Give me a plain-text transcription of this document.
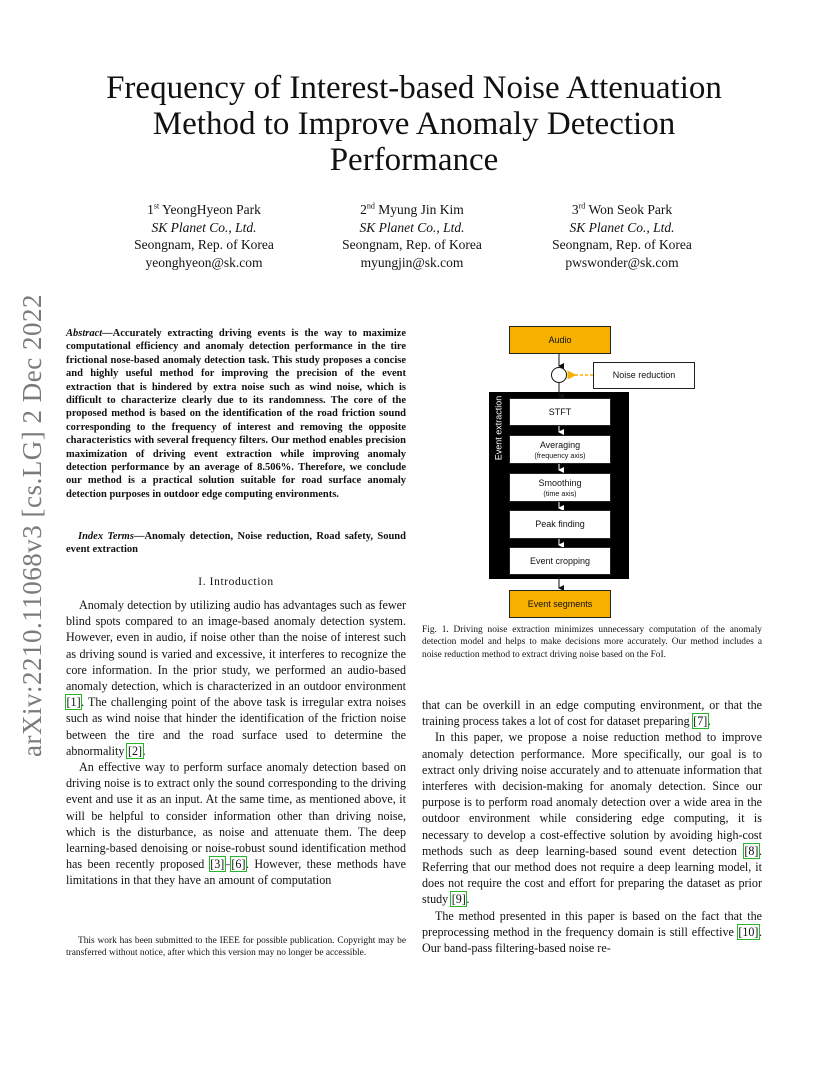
arXiv:2210.11068v3 [cs.LG] 2 Dec 2022
Frequency of Interest-based Noise Attenuation Method to Improve Anomaly Detection Performance
1st YeongHyeon Park
SK Planet Co., Ltd.
Seongnam, Rep. of Korea
yeonghyeon@sk.com
2nd Myung Jin Kim
SK Planet Co., Ltd.
Seongnam, Rep. of Korea
myungjin@sk.com
3rd Won Seok Park
SK Planet Co., Ltd.
Seongnam, Rep. of Korea
pwswonder@sk.com
Abstract—Accurately extracting driving events is the way to maximize computational efficiency and anomaly detection performance in the tire frictional nose-based anomaly detection task. This study proposes a concise and highly useful method for improving the precision of the event extraction that is hindered by extra noise such as wind noise, which is difficult to characterize clearly due to its randomness. The core of the proposed method is based on the identification of the road friction sound corresponding to the frequency of interest and removing the opposite characteristics with several frequency filters. Our method enables precision maximization of driving event extraction while improving anomaly detection performance by an average of 8.506%. Therefore, we conclude our method is a practical solution suitable for road surface anomaly detection purposes in outdoor edge computing environments.
Index Terms—Anomaly detection, Noise reduction, Road safety, Sound event extraction
I. Introduction

Anomaly detection by utilizing audio has advantages such as fewer blind spots compared to an image-based anomaly detection system. However, even in audio, if noise other than the noise of interest such as driving sound is varied and excessive, it interferes to recognize the core information. In the prior study, we performed an audio-based anomaly detection, which is characterized in an outdoor environment [1]. The challenging point of the above task is irregular extra noises such as wind noise that hinder the identification of the friction noise between the tire and the road surface used to determine the abnormality [2].

An effective way to perform surface anomaly detection based on driving noise is to extract only the sound corresponding to the driving event and use it as an input. At the same time, as mentioned above, it will be helpful to consider information other than driving noise, which is the disturbance, as noise and attenuate them. The deep learning-based denoising or noise-robust sound identification method has been recently proposed [3]–[6]. However, these methods have limitations in that they have an amount of computation

This work has been submitted to the IEEE for possible publication. Copyright may be transferred without notice, after which this version may no longer be accessible.
Event extraction
Audio
Noise reduction
STFT
Averaging
(frequency axis)
Smoothing
(time axis)
Peak finding
Event cropping
Event segments
Fig. 1. Driving noise extraction minimizes unnecessary computation of the anomaly detection model and helps to make decisions more accurately. Our method includes a noise reduction method to extract driving noise based on the FoI.

that can be overkill in an edge computing environment, or that the training process takes a lot of cost for dataset preparing [7].

In this paper, we propose a noise reduction method to improve anomaly detection performance. More specifically, our goal is to extract only driving noise accurately and to attenuate information that interferes with decision-making for anomaly detection. Since our purpose is to perform road anomaly detection over a wide area in the outdoor environment while considering edge computing, it is necessary to develop a cost-effective solution by avoiding high-cost methods such as deep learning-based sound event detection [8]. Referring that our method does not require a deep learning model, it does not require the cost and effort for preparing the dataset as prior study [9].

The method presented in this paper is based on the fact that the preprocessing method in the frequency domain is still effective [10]. Our band-pass filtering-based noise re-
